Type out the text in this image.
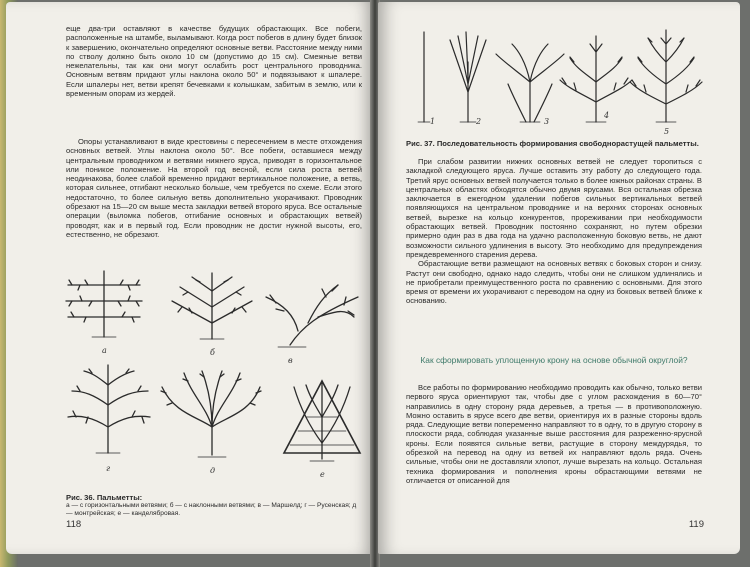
еще два-три оставляют в качестве будущих обрастающих. Все побеги, расположенные на штамбе, выламывают. Когда рост побегов в длину будет близок к завершению, окончательно определяют основные ветви. Расстояние между ними по стволу должно быть около 10 см (допустимо до 15 см). Смежные ветви нежелательны, так как они могут ослабить рост центрального проводника. Основным ветвям придают углы наклона около 50° и подвязывают к шпалере. Если шпалеры нет, ветви крепят бечевками к колышкам, забитым в землю, или к временным опорам из жердей.

Опоры устанавливают в виде крестовины с пересечением в месте отхождения основных ветвей. Углы наклона около 50°. Все побеги, оставшиеся между центральным проводником и ветвями нижнего яруса, приводят в горизонтальное или поникое положение. На второй год весной, если сила роста ветвей неодинакова, более слабой временно придают вертикальное положение, а ветвь, которая сильнее, отгибают несколько больше, чем требуется по схеме. Если этого недостаточно, то более сильную ветвь дополнительно укорачивают. Проводник обрезают на 15—20 см выше места закладки ветвей второго яруса. Все остальные операции (выломка побегов, отгибание основных и обрастающих ветвей) проводят, как и в первый год. Если проводник не достиг нужной высоты, его, естественно, не обрезают.

а	б
в
г	д	е

Рис. 36. Пальметты:

а — с горизонтальными ветвями; б — с наклонными ветвями; в — Маршелд; г — Русенская; д — монтрейская; е — канделябровая.

118
1	2	3
4
5

Рис. 37. Последовательность формирования свободнорастущей пальметты.

При слабом развитии нижних основных ветвей не следует торопиться с закладкой следующего яруса. Лучше оставить эту работу до следующего года. Третий ярус основных ветвей получается только в более южных районах страны. В центральных областях обходятся обычно двумя ярусами. Вся остальная обрезка заключается в ежегодном удалении побегов сильных вертикальных ветвей появляющихся на центральном проводнике и на верхних сторонах основных ветвей, вырезке на кольцо конкурентов, прореживании при необходимости обрастающих ветвей. Проводник постоянно сохраняют, но путем обрезки примерно один раз в два года на удачно расположенную боковую ветвь, не дают возможности сильного удлинения в высоту. Это необходимо для предупреждения преждевременного старения дерева.
Обрастающие ветви размещают на основных ветвях с боковых сторон и снизу. Растут они свободно, однако надо следить, чтобы они не слишком удлинялись и не приобретали преимущественного роста по сравнению с основными. Для этого время от времени их укорачивают с переводом на одну из боковых ветвей ближе к основанию.

Как сформировать уплощенную крону на основе обычной округлой?

Все работы по формированию необходимо проводить как обычно, только ветви первого яруса ориентируют так, чтобы две с углом расхождения в 60—70° направились в одну сторону ряда деревьев, а третья — в противоположную. Можно оставить в ярусе всего две ветви, ориентируя их в разные стороны вдоль ряда. Следующие ветви попеременно направляют то в одну, то в другую сторону в плоскости ряда, соблюдая указанные выше расстояния для разреженно-ярусной кроны. Если появятся сильные ветви, растущие в сторону междурядья, то обрезкой на перевод на одну из ветвей их направляют вдоль ряда. Очень сильные, чтобы они не доставляли хлопот, лучше вырезать на кольцо. Остальная техника формирования и пополнения кроны обрастающими ветвями не отличается от описанной для

119
